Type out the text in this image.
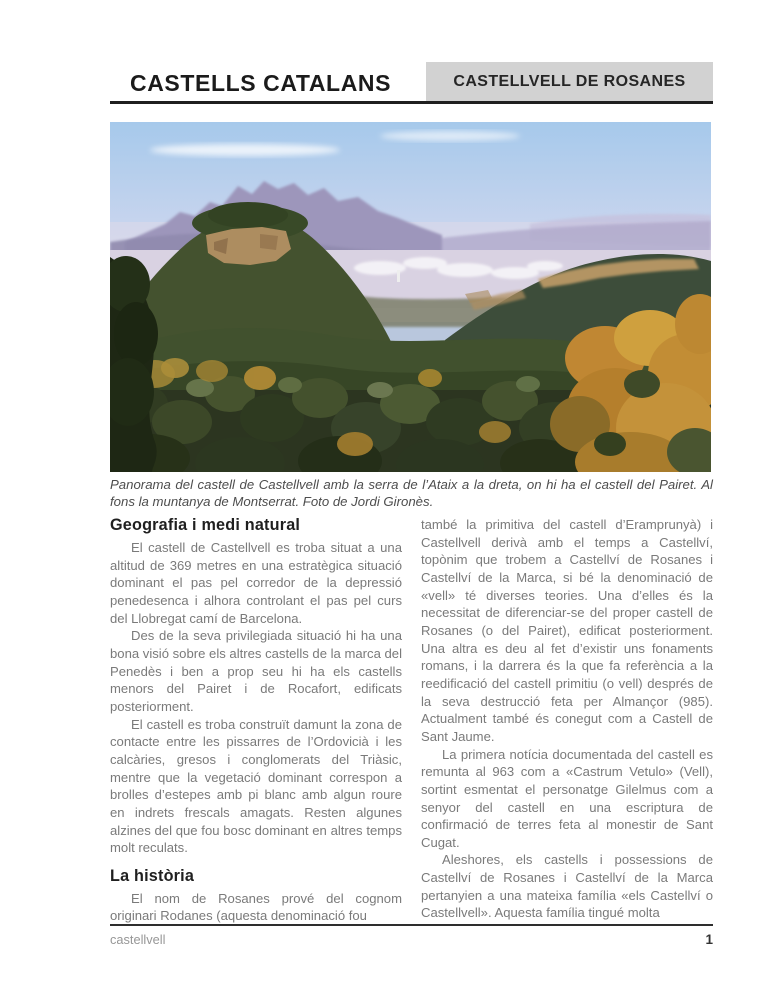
CASTELLS CATALANS	CASTELLVELL DE ROSANES

Panorama del castell de Castellvell amb la serra de l’Ataix a la dreta, on hi ha el castell del Pairet. Al fons la muntanya de Montserrat. Foto de Jordi Gironès.

Geografia i medi natural

El castell de Castellvell es troba situat a una altitud de 369 metres en una estratègica situació dominant el pas pel corredor de la depressió penedesenca i alhora controlant el pas pel curs del Llobregat camí de Barcelona.

Des de la seva privilegiada situació hi ha una bona visió sobre els altres castells de la marca del Penedès i ben a prop seu hi ha els castells menors del Pairet i de Rocafort, edificats posteriorment.

El castell es troba construït damunt la zona de contacte entre les pissarres de l’Ordovicià i les calcàries, gresos i conglomerats del Triàsic, mentre que la vegetació dominant correspon a brolles d’estepes amb pi blanc amb algun roure en indrets frescals amagats. Resten algunes alzines del que fou bosc dominant en altres temps molt reculats.

La història

El nom de Rosanes prové del cognom originari Rodanes (aquesta denominació fou

també la primitiva del castell d’Eramprunyà) i Castellvell derivà amb el temps a Castellví, topònim que trobem a Castellví de Rosanes i Castellví de la Marca, si bé la denominació de «vell» té diverses teories. Una d’elles és la necessitat de diferenciar-se del proper castell de Rosanes (o del Pairet), edificat posteriorment. Una altra es deu al fet d’existir uns fonaments romans, i la darrera és la que fa referència a la reedificació del castell primitiu (o vell) després de la seva destrucció feta per Almançor (985). Actualment també és conegut com a Castell de Sant Jaume.

La primera notícia documentada del castell es remunta al 963 com a «Castrum Vetulo» (Vell), sortint esmentat el personatge Gilelmus com a senyor del castell en una escriptura de confirmació de terres feta al monestir de Sant Cugat.

Aleshores, els castells i possessions de Castellví de Rosanes i Castellví de la Marca pertanyien a una mateixa família «els Castellví o Castellvell». Aquesta família tingué molta

castellvell	1
